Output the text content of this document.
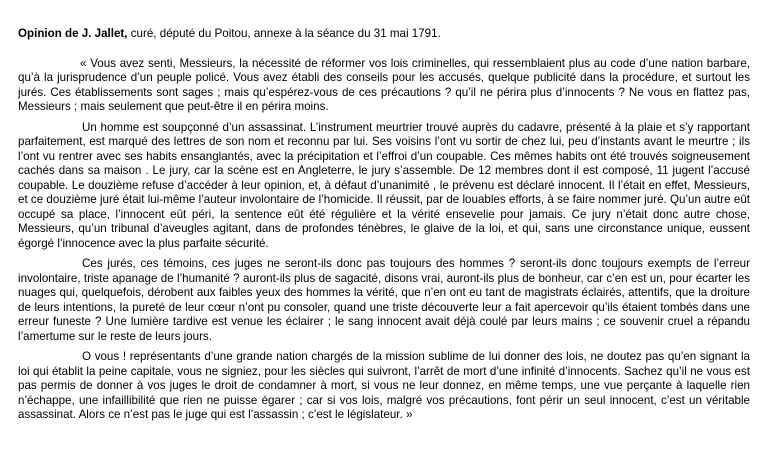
Opinion de J. Jallet, curé, député du Poitou, annexe à la séance du 31 mai 1791.

« Vous avez senti, Messieurs, la nécessité de réformer vos lois criminelles, qui ressemblaient plus au code d’une nation barbare, qu’à la jurisprudence d’un peuple policé. Vous avez établi des conseils pour les accusés, quelque publicité dans la procédure, et surtout les jurés. Ces établissements sont sages ; mais qu’espérez-vous de ces précautions ? qu’il ne périra plus d’innocents ? Ne vous en flattez pas, Messieurs ; mais seulement que peut-être il en périra moins.

Un homme est soupçonné d’un assassinat. L’instrument meurtrier trouvé auprès du cadavre, présenté à la plaie et s’y rapportant parfaitement, est marqué des lettres de son nom et reconnu par lui. Ses voisins l’ont vu sortir de chez lui, peu d’instants avant le meurtre ; ils l’ont vu rentrer avec ses habits ensanglantés, avec la précipitation et l’effroi d’un coupable. Ces mêmes habits ont été trouvés soigneusement cachés dans sa maison . Le jury, car la scène est en Angleterre, le jury s’assemble. De 12 membres dont il est composé, 11 jugent l’accusé coupable. Le douzième refuse d’accéder à leur opinion, et, à défaut d’unanimité , le prévenu est déclaré innocent. Il l’était en effet, Messieurs, et ce douzième juré était lui-même l’auteur involontaire de l’homicide. Il réussit, par de louables efforts, à se faire nommer juré. Qu’un autre eût occupé sa place, l’innocent eût péri, la sentence eût été régulière et la vérité ensevelie pour jamais. Ce jury n’était donc autre chose, Messieurs, qu’un tribunal d’aveugles agitant, dans de profondes ténèbres, le glaive de la loi, et qui, sans une circonstance unique, eussent égorgé l’innocence avec la plus parfaite sécurité.

Ces jurés, ces témoins, ces juges ne seront-ils donc pas toujours des hommes ? seront-ils donc toujours exempts de l’erreur involontaire, triste apanage de l’humanité ? auront-ils plus de sagacité, disons vrai, auront-ils plus de bonheur, car c’en est un, pour écarter les nuages qui, quelquefois, dérobent aux faibles yeux des hommes la vérité, que n’en ont eu tant de magistrats éclairés, attentifs, que la droiture de leurs intentions, la pureté de leur cœur n’ont pu consoler, quand une triste découverte leur a fait apercevoir qu’ils étaient tombés dans une erreur funeste ? Une lumière tardive est venue les éclairer ; le sang innocent avait déjà coulé par leurs mains ; ce souvenir cruel a répandu l’amertume sur le reste de leurs jours.

O vous ! représentants d’une grande nation chargés de la mission sublime de lui donner des lois, ne doutez pas qu’en signant la loi qui établit la peine capitale, vous ne signiez, pour les siècles qui suivront, l’arrêt de mort d’une infinité d’innocents. Sachez qu’il ne vous est pas permis de donner à vos juges le droit de condamner à mort, si vous ne leur donnez, en même temps, une vue perçante à laquelle rien n’échappe, une infaillibilité que rien ne puisse égarer ; car si vos lois, malgré vos précautions, font périr un seul innocent, c’est un véritable assassinat. Alors ce n’est pas le juge qui est l’assassin ; c’est le législateur. »
